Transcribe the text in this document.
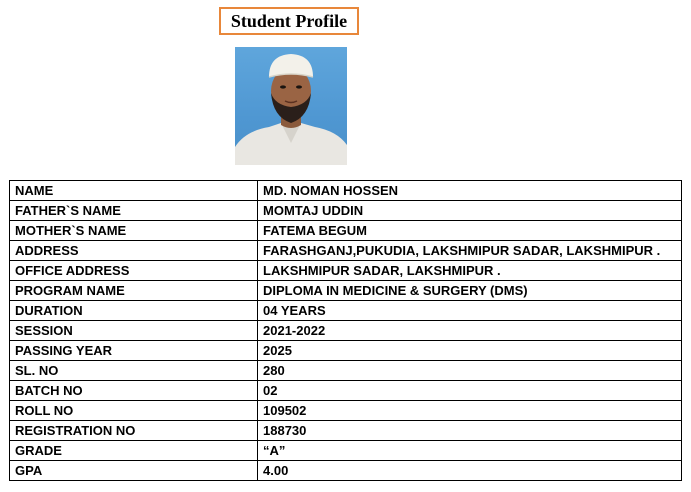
Student Profile
NAME	MD. NOMAN HOSSEN
FATHER`S NAME	MOMTAJ UDDIN
MOTHER`S NAME	FATEMA BEGUM
ADDRESS	FARASHGANJ,PUKUDIA, LAKSHMIPUR SADAR, LAKSHMIPUR .
OFFICE ADDRESS	LAKSHMIPUR SADAR, LAKSHMIPUR .
PROGRAM NAME	DIPLOMA IN MEDICINE & SURGERY (DMS)
DURATION	04 YEARS
SESSION	2021-2022
PASSING YEAR	2025
SL. NO	280
BATCH NO	02
ROLL NO	109502
REGISTRATION NO	188730
GRADE	“A”
GPA	4.00
